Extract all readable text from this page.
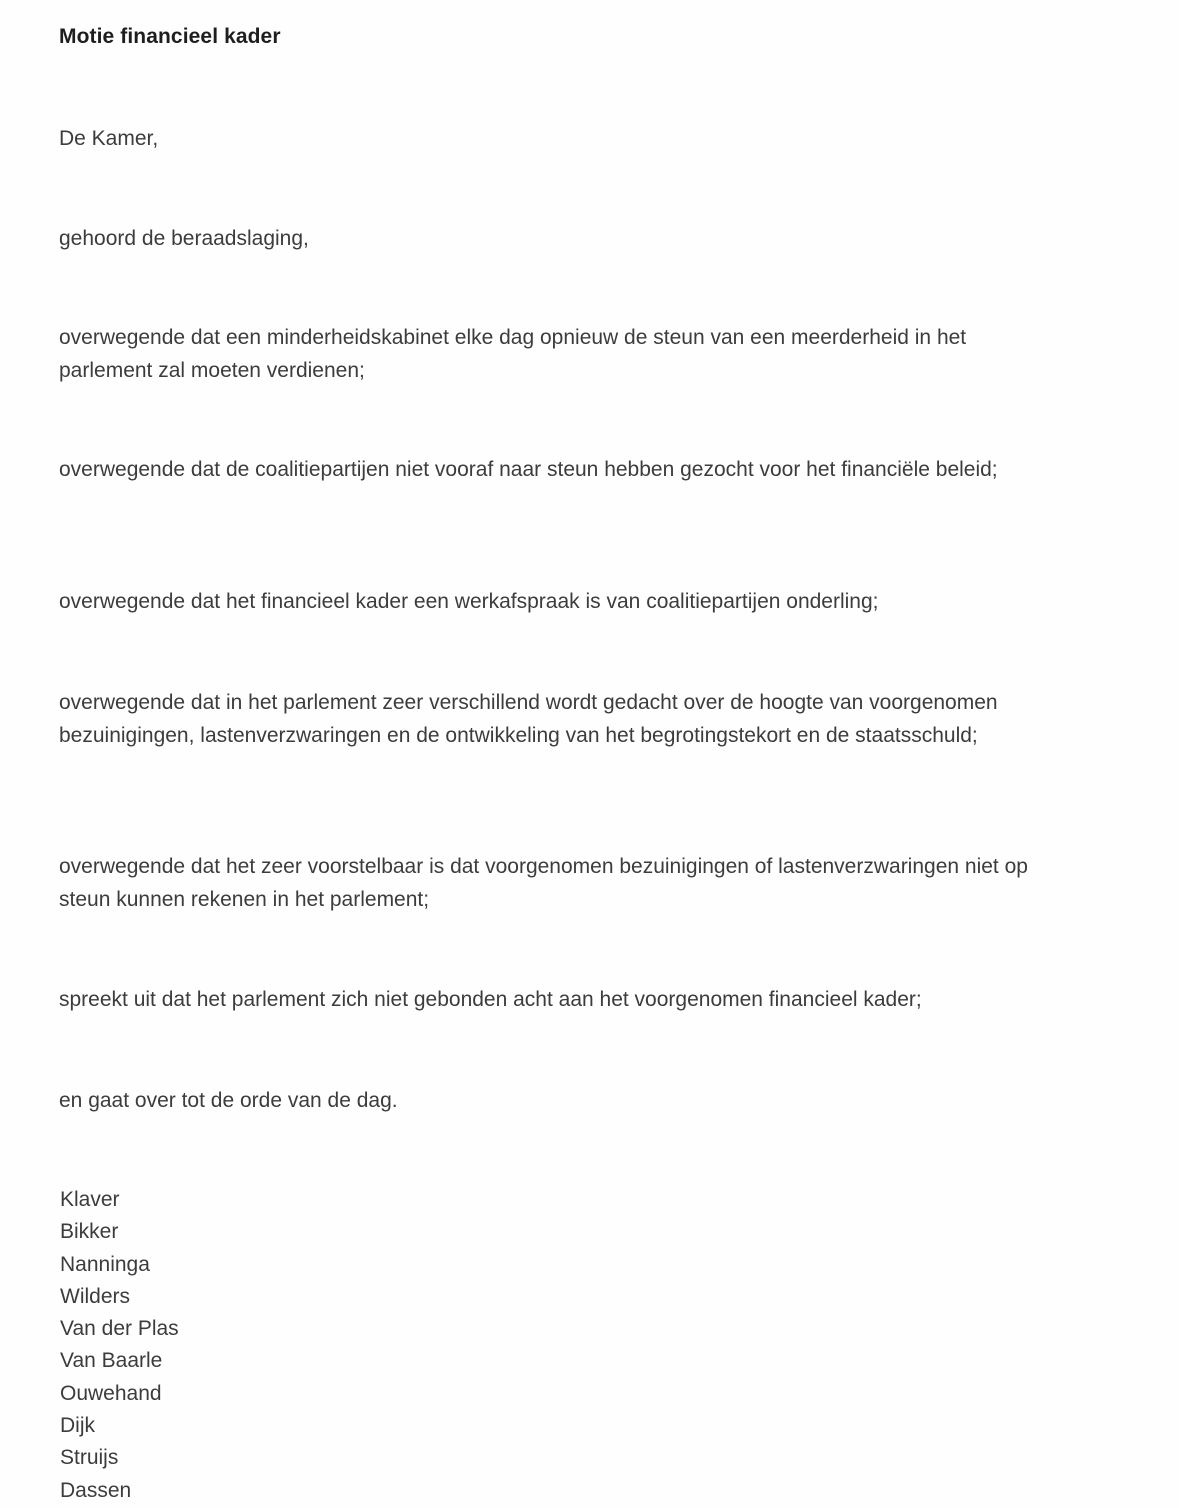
Motie financieel kader

De Kamer,

gehoord de beraadslaging,

overwegende dat een minderheidskabinet elke dag opnieuw de steun van een meerderheid in het parlement zal moeten verdienen;

overwegende dat de coalitiepartijen niet vooraf naar steun hebben gezocht voor het financiële beleid;

overwegende dat het financieel kader een werkafspraak is van coalitiepartijen onderling;

overwegende dat in het parlement zeer verschillend wordt gedacht over de hoogte van voorgenomen bezuinigingen, lastenverzwaringen en de ontwikkeling van het begrotingstekort en de staatsschuld;

overwegende dat het zeer voorstelbaar is dat voorgenomen bezuinigingen of lastenverzwaringen niet op steun kunnen rekenen in het parlement;

spreekt uit dat het parlement zich niet gebonden acht aan het voorgenomen financieel kader;

en gaat over tot de orde van de dag.

Klaver
Bikker
Nanninga
Wilders
Van der Plas
Van Baarle
Ouwehand
Dijk
Struijs
Dassen
